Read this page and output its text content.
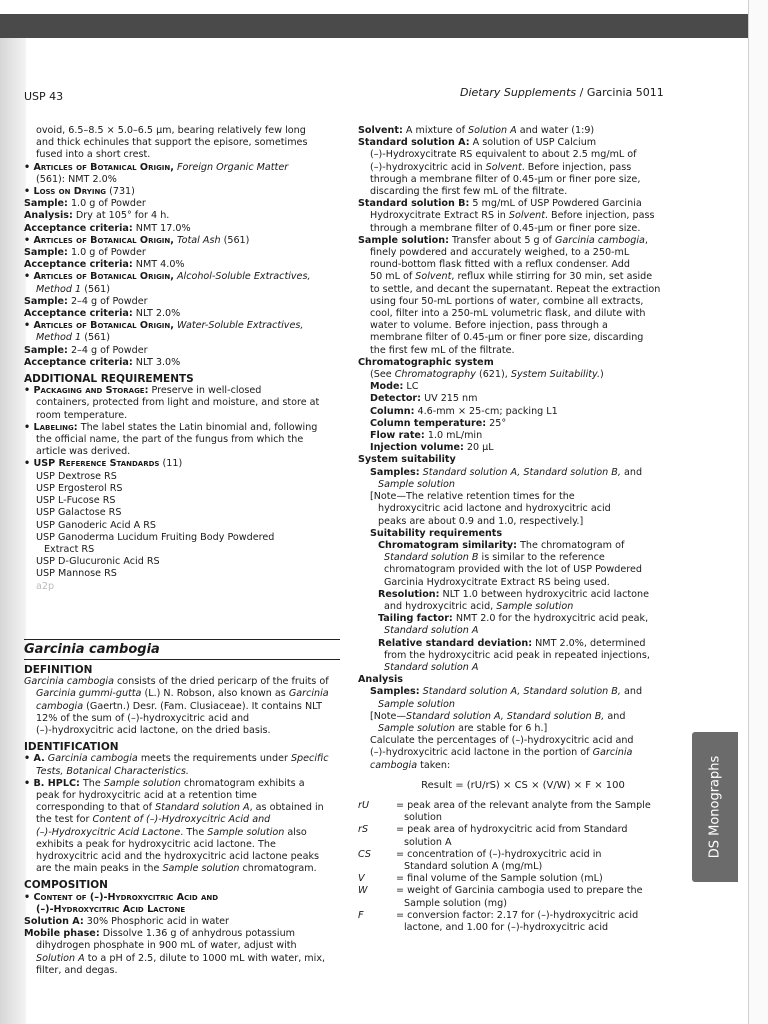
USP 43	Dietary Supplements / Garcinia 5011

ovoid, 6.5–8.5 × 5.0–6.5 µm, bearing relatively few long

and thick echinules that support the episore, sometimes

fused into a short crest.

• Articles of Botanical Origin, Foreign Organic Matter

(561): NMT 2.0%

• Loss on Drying (731)

Sample: 1.0 g of Powder

Analysis: Dry at 105° for 4 h.

Acceptance criteria: NMT 17.0%

• Articles of Botanical Origin, Total Ash (561)

Sample: 1.0 g of Powder

Acceptance criteria: NMT 4.0%

• Articles of Botanical Origin, Alcohol-Soluble Extractives,

Method 1 (561)

Sample: 2–4 g of Powder

Acceptance criteria: NLT 2.0%

• Articles of Botanical Origin, Water-Soluble Extractives,

Method 1 (561)

Sample: 2–4 g of Powder

Acceptance criteria: NLT 3.0%

ADDITIONAL REQUIREMENTS

• Packaging and Storage: Preserve in well-closed

containers, protected from light and moisture, and store at

room temperature.

• Labeling: The label states the Latin binomial and, following

the official name, the part of the fungus from which the

article was derived.

• USP Reference Standards (11)

USP Dextrose RS

USP Ergosterol RS

USP L-Fucose RS

USP Galactose RS

USP Ganoderic Acid A RS

USP Ganoderma Lucidum Fruiting Body Powdered

Extract RS

USP D-Glucuronic Acid RS

USP Mannose RS

a2p

Garcinia cambogia

DEFINITION

Garcinia cambogia consists of the dried pericarp of the fruits of

Garcinia gummi-gutta (L.) N. Robson, also known as Garcinia

cambogia (Gaertn.) Desr. (Fam. Clusiaceae). It contains NLT

12% of the sum of (–)-hydroxycitric acid and

(–)-hydroxycitric acid lactone, on the dried basis.

IDENTIFICATION

• A. Garcinia cambogia meets the requirements under Specific

Tests, Botanical Characteristics.

• B. HPLC: The Sample solution chromatogram exhibits a

peak for hydroxycitric acid at a retention time

corresponding to that of Standard solution A, as obtained in

the test for Content of (–)-Hydroxycitric Acid and

(–)-Hydroxycitric Acid Lactone. The Sample solution also

exhibits a peak for hydroxycitric acid lactone. The

hydroxycitric acid and the hydroxycitric acid lactone peaks

are the main peaks in the Sample solution chromatogram.

COMPOSITION

• Content of (–)-Hydroxycitric Acid and

(–)-Hydroxycitric Acid Lactone

Solution A: 30% Phosphoric acid in water

Mobile phase: Dissolve 1.36 g of anhydrous potassium

dihydrogen phosphate in 900 mL of water, adjust with

Solution A to a pH of 2.5, dilute to 1000 mL with water, mix,

filter, and degas.

Solvent: A mixture of Solution A and water (1:9)

Standard solution A: A solution of USP Calcium

(–)-Hydroxycitrate RS equivalent to about 2.5 mg/mL of

(–)-hydroxycitric acid in Solvent. Before injection, pass

through a membrane filter of 0.45-µm or finer pore size,

discarding the first few mL of the filtrate.

Standard solution B: 5 mg/mL of USP Powdered Garcinia

Hydroxycitrate Extract RS in Solvent. Before injection, pass

through a membrane filter of 0.45-µm or finer pore size.

Sample solution: Transfer about 5 g of Garcinia cambogia,

finely powdered and accurately weighed, to a 250-mL

round-bottom flask fitted with a reflux condenser. Add

50 mL of Solvent, reflux while stirring for 30 min, set aside

to settle, and decant the supernatant. Repeat the extraction

using four 50-mL portions of water, combine all extracts,

cool, filter into a 250-mL volumetric flask, and dilute with

water to volume. Before injection, pass through a

membrane filter of 0.45-µm or finer pore size, discarding

the first few mL of the filtrate.

Chromatographic system

(See Chromatography (621), System Suitability.)

Mode: LC

Detector: UV 215 nm

Column: 4.6-mm × 25-cm; packing L1

Column temperature: 25°

Flow rate: 1.0 mL/min

Injection volume: 20 µL

System suitability

Samples: Standard solution A, Standard solution B, and

Sample solution

[Note—The relative retention times for the

hydroxycitric acid lactone and hydroxycitric acid

peaks are about 0.9 and 1.0, respectively.]

Suitability requirements

Chromatogram similarity: The chromatogram of

Standard solution B is similar to the reference

chromatogram provided with the lot of USP Powdered

Garcinia Hydroxycitrate Extract RS being used.

Resolution: NLT 1.0 between hydroxycitric acid lactone

and hydroxycitric acid, Sample solution

Tailing factor: NMT 2.0 for the hydroxycitric acid peak,

Standard solution A

Relative standard deviation: NMT 2.0%, determined

from the hydroxycitric acid peak in repeated injections,

Standard solution A

Analysis

Samples: Standard solution A, Standard solution B, and

Sample solution

[Note—Standard solution A, Standard solution B, and

Sample solution are stable for 6 h.]

Calculate the percentages of (–)-hydroxycitric acid and

(–)-hydroxycitric acid lactone in the portion of Garcinia

cambogia taken:

Result = (rU/rS) × CS × (V/W) × F × 100

rU	= peak area of the relevant analyte from the Sample
solution
rS	= peak area of hydroxycitric acid from Standard
solution A
CS	= concentration of (–)-hydroxycitric acid in
Standard solution A (mg/mL)
V	= final volume of the Sample solution (mL)
W	= weight of Garcinia cambogia used to prepare the
Sample solution (mg)
F	= conversion factor: 2.17 for (–)-hydroxycitric acid
lactone, and 1.00 for (–)-hydroxycitric acid
DS Monographs
